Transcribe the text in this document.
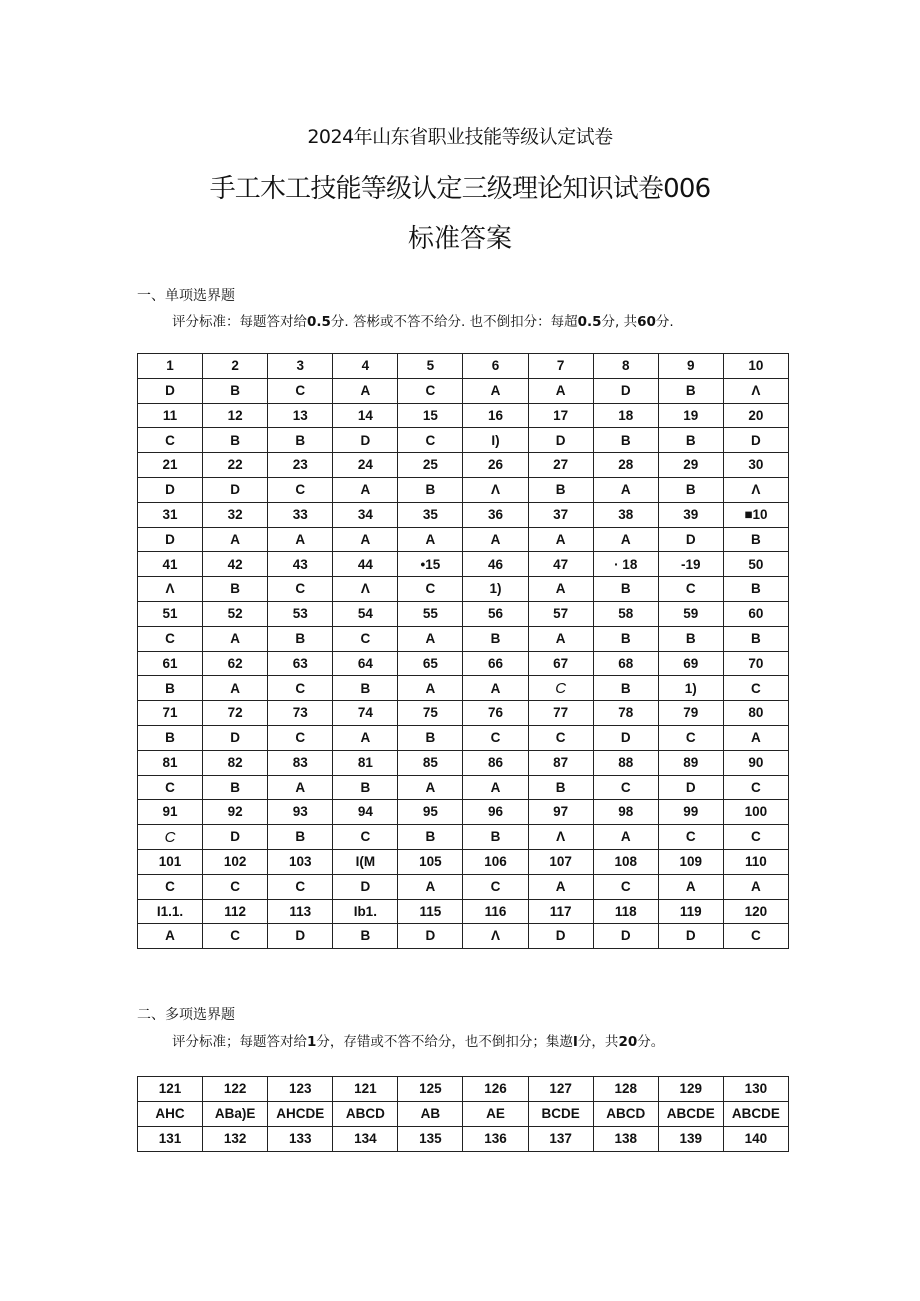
2024年山东省职业技能等级认定试卷
手工木工技能等级认定三级理论知识试卷006
标准答案
一、单项选界题
评分标准：每题答对给0.5分. 答彬或不答不给分. 也不倒扣分：每超0.5分, 共60分.
1	2	3	4	5	6	7	8	9	10
D	B	C	A	C	A	A	D	B	Λ
11	12	13	14	15	16	17	18	19	20
C	B	B	D	C	I)	D	B	B	D
21	22	23	24	25	26	27	28	29	30
D	D	C	A	B	Λ	B	A	B	Λ
31	32	33	34	35	36	37	38	39	■10
D	A	A	A	A	A	A	A	D	B
41	42	43	44	•15	46	47	· 18	-19	50
Λ	B	C	Λ	C	1)	A	B	C	B
51	52	53	54	55	56	57	58	59	60
C	A	B	C	A	B	A	B	B	B
61	62	63	64	65	66	67	68	69	70
B	A	C	B	A	A	C	B	1)	C
71	72	73	74	75	76	77	78	79	80
B	D	C	A	B	C	C	D	C	A
81	82	83	81	85	86	87	88	89	90
C	B	A	B	A	A	B	C	D	C
91	92	93	94	95	96	97	98	99	100
C	D	B	C	B	B	Λ	A	C	C
101	102	103	I(M	105	106	107	108	109	110
C	C	C	D	A	C	A	C	A	A
I1.1.	112	113	Ib1.	115	116	117	118	119	120
A	C	D	B	D	Λ	D	D	D	C
二、多项选界题
评分标准；每题答对给1分，存错或不答不给分，也不倒扣分；集遨I分，共20分。
121	122	123	121	125	126	127	128	129	130
AHC	ABa)E	AHCDE	ABCD	AB	AE	BCDE	ABCD	ABCDE	ABCDE
131	132	133	134	135	136	137	138	139	140
